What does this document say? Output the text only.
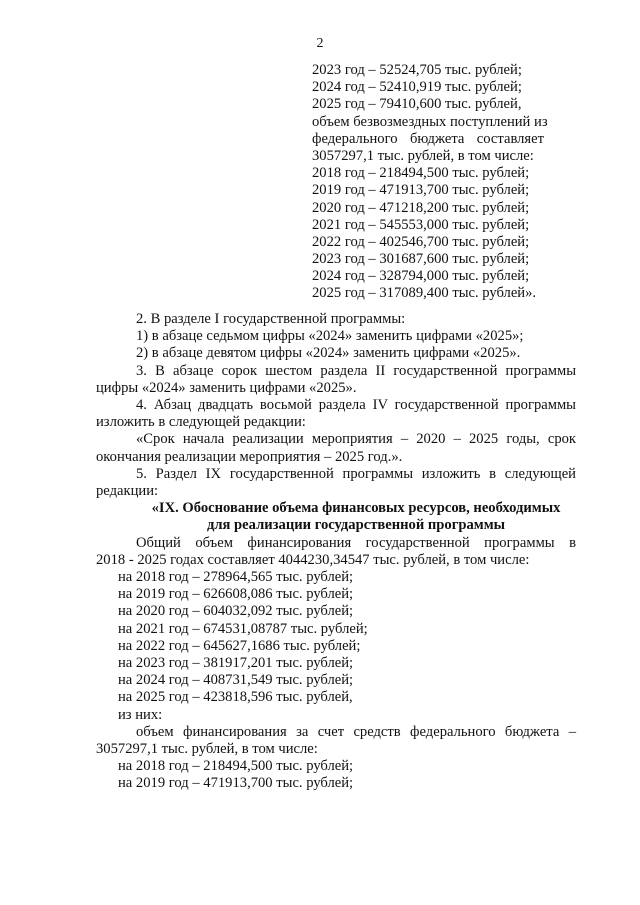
2
2023 год – 52524,705 тыс. рублей;
2024 год – 52410,919 тыс. рублей;
2025 год – 79410,600 тыс. рублей,
объем безвозмездных поступлений из
федерального бюджета составляет
3057297,1 тыс. рублей, в том числе:
2018 год – 218494,500 тыс. рублей;
2019 год – 471913,700 тыс. рублей;
2020 год – 471218,200 тыс. рублей;
2021 год – 545553,000 тыс. рублей;
2022 год – 402546,700 тыс. рублей;
2023 год – 301687,600 тыс. рублей;
2024 год – 328794,000 тыс. рублей;
2025 год – 317089,400 тыс. рублей».
2. В разделе I государственной программы:
1) в абзаце седьмом цифры «2024» заменить цифрами «2025»;
2) в абзаце девятом цифры «2024» заменить цифрами «2025».
3. В абзаце сорок шестом раздела II государственной программы
цифры «2024» заменить цифрами «2025».
4. Абзац двадцать восьмой раздела IV государственной программы
изложить в следующей редакции:
«Срок начала реализации мероприятия – 2020 – 2025 годы, срок
окончания реализации мероприятия – 2025 год.».
5. Раздел IX государственной программы изложить в следующей
редакции:
«IX. Обоснование объема финансовых ресурсов, необходимых
для реализации государственной программы
Общий объем финансирования государственной программы в
2018 - 2025 годах составляет 4044230,34547 тыс. рублей, в том числе:
на 2018 год – 278964,565 тыс. рублей;
на 2019 год – 626608,086 тыс. рублей;
на 2020 год – 604032,092 тыс. рублей;
на 2021 год – 674531,08787 тыс. рублей;
на 2022 год – 645627,1686 тыс. рублей;
на 2023 год – 381917,201 тыс. рублей;
на 2024 год – 408731,549 тыс. рублей;
на 2025 год – 423818,596 тыс. рублей,
из них:
объем финансирования за счет средств федерального бюджета –
3057297,1 тыс. рублей, в том числе:
на 2018 год – 218494,500 тыс. рублей;
на 2019 год – 471913,700 тыс. рублей;
